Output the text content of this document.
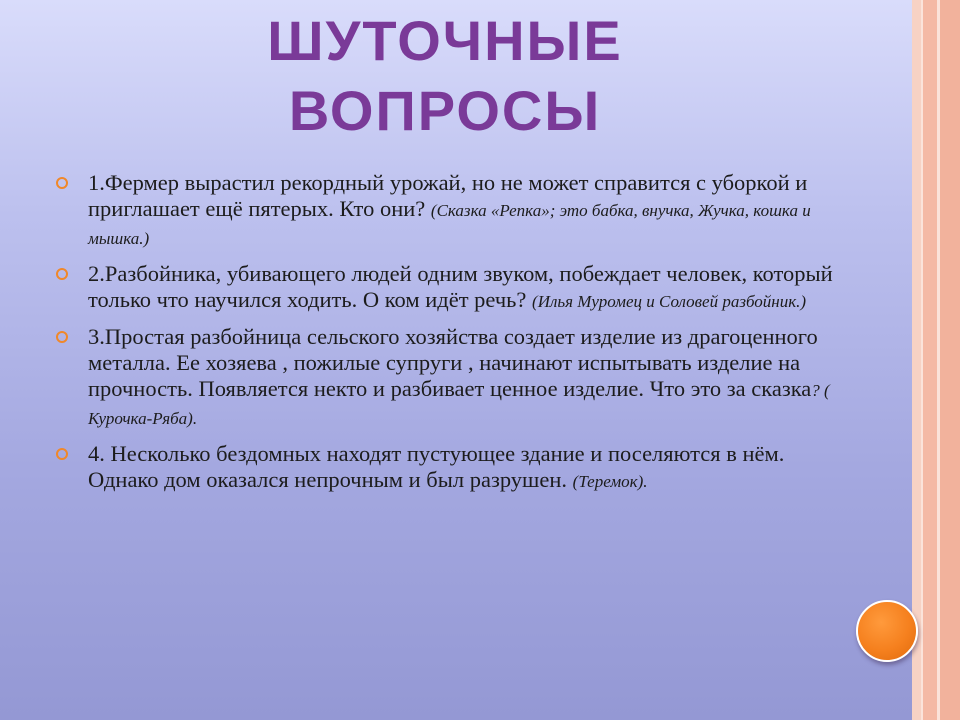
ШУТОЧНЫЕ
ВОПРОСЫ
1.Фермер вырастил рекордный урожай, но не может справится с уборкой и приглашает ещё пятерых. Кто они? (Сказка «Репка»; это бабка, внучка, Жучка, кошка и мышка.)
2.Разбойника, убивающего людей одним звуком, побеждает человек, который только что научился ходить. О ком идёт речь? (Илья Муромец и Соловей разбойник.)
3.Простая разбойница сельского хозяйства создает изделие из драгоценного металла. Ее хозяева , пожилые супруги , начинают испытывать изделие на прочность. Появляется некто и разбивает ценное изделие. Что это за сказка? ( Курочка-Ряба).
4. Несколько бездомных находят пустующее здание и поселяются в нём. Однако дом оказался непрочным и был разрушен. (Теремок).
